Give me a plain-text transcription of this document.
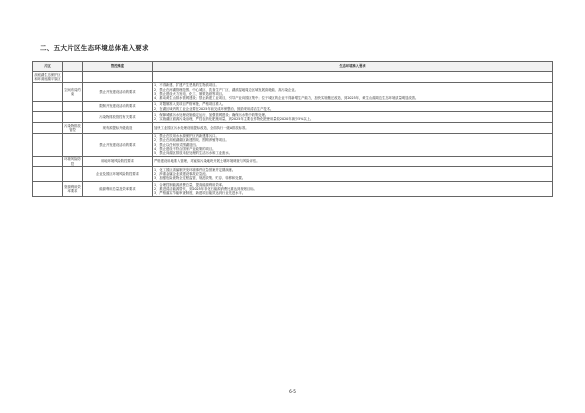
二、五大片区生态环境总体准入要求
片区		管控维度	生态环境准入要求
洞庭湖生态保护区和环洞庭湖平原区			
	空间布局约束	禁止开发建设活动的要求	1．不得新建、扩建产生恶臭的生物质项目。

2．禁止在河湖管理范围、中心城区、饮食生产厂区、湖滨湿地周边区域发展高耗能、高污染企业。

3．禁止建设火力发电、化工、制浆造纸等项目。

4．推动黄生山排水管网建设；禁止新建工业项目，引导产业向园区集中；位于城区的企业不得新增生产能力，加快实施搬迁改造，到2025年，黄生山湖周边生态环境质量明显改善。

		限制开发建设活动的要求	1．对限制准入类项目严格审批，严格项目准入。

2．在湖区域内的工业企业要在2025年前完成环保整治，鼓励采用清洁生产技术。

		污染物排放管控有关要求	1．保障城镇污水处理设施稳定运行，加强管网建设；确保污水集中收集处理。

2．实施湖区面源污染治理，严控农药化肥施用量，到2025年主要农作物化肥使用量较2020年减少5%以上。

	污染物排放管控	现有源提标升级改造	加快工业园区污水处理设施提标改造，全面执行一级A排放标准。

		禁止开发建设活动的要求	1．禁止在饮用水水源保护区内新建排污口。

2．禁止在洞庭湖湖区新建围垸、围网养殖等项目。

3．禁止以任何形式围湖造田。

4．禁止建设不符合国家产业政策的项目。

5．禁止向湖区排放未经处理的生活污水和工业废水。

	环境风险防控	用地环境风险防控要求	严格建设用地准入管理，对疑似污染地块开展土壤环境调查与风险评估。

		企业及园区环境风险防控要求	1．化工园区须编制突发环境事件应急预案并定期演练。

2．涉重金属企业须建设事故应急池。

3．加强危险废物全过程监管，规范收集、贮存、转移和处置。

	资源利用效率要求	能源利用总量及效率要求	1．合理控制能源消费总量，提高能源利用效率。

2．推进清洁能源替代，到2025年非化石能源消费比重达到规划目标。

3．严格落实节能审查制度，新建项目能效达到行业先进水平。

6-5
